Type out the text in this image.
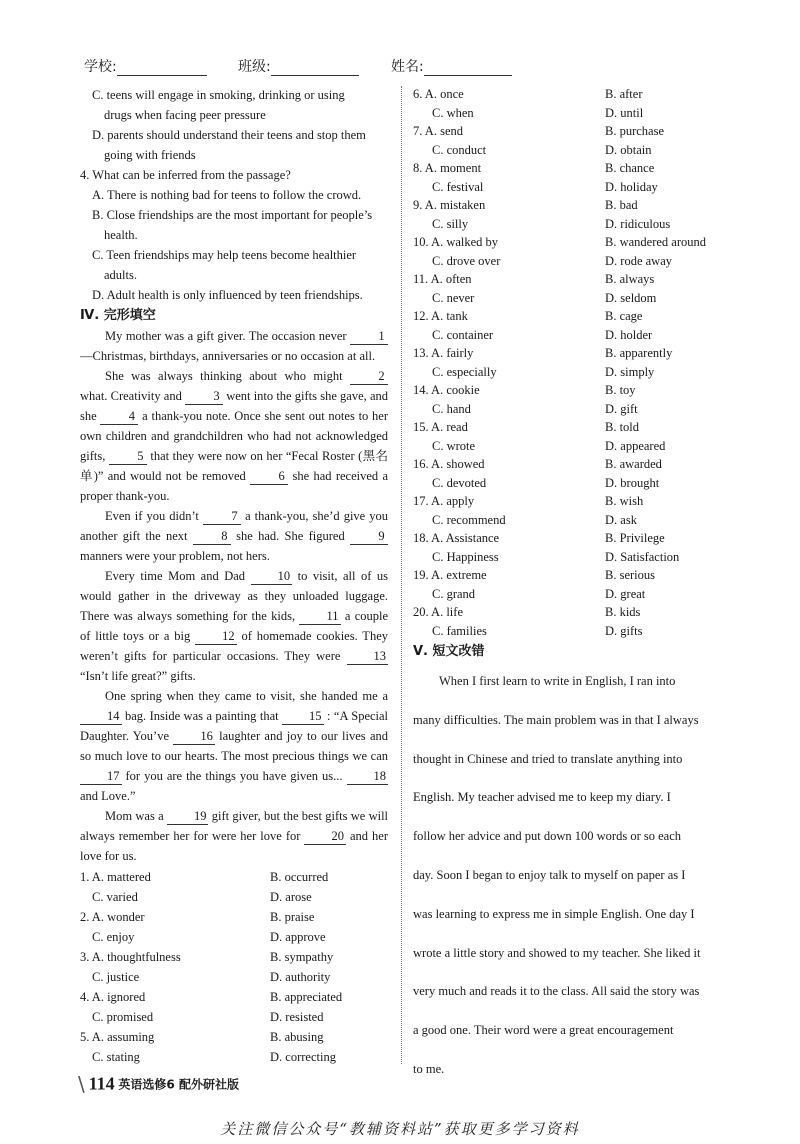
学校:	班级:	姓名:
C. teens will engage in smoking, drinking or using
drugs when facing peer pressure
D. parents should understand their teens and stop them
going with friends
4. What can be inferred from the passage?
A. There is nothing bad for teens to follow the crowd.
B. Close friendships are the most important for people’s
health.
C. Teen friendships may help teens become healthier
adults.
D. Adult health is only influenced by teen friendships.
Ⅳ. 完形填空

My mother was a gift giver. The occasion never	1—Christmas, birthdays, anniversaries or no occasion at all.

She was always thinking about who might	2 what. Creativity and	3 went into the gifts she gave, and she	4 a thank-you note. Once she sent out notes to her own children and grandchildren who had not acknowledged gifts,	5 that they were now on her “Fecal Roster (黑名单)” and would not be removed	6 she had received a proper thank-you.

Even if you didn’t	7 a thank-you, she’d give you another gift the next	8 she had. She figured	9 manners were your problem, not hers.

Every time Mom and Dad	10 to visit, all of us would gather in the driveway as they unloaded luggage. There was always something for the kids,	11 a couple of little toys or a big	12 of homemade cookies. They weren’t gifts for particular occasions. They were	13 “Isn’t life great?” gifts.

One spring when they came to visit, she handed me a 14 bag. Inside was a painting that 15 : “A Special Daughter. You’ve	16 laughter and joy to our lives and so much love to our hearts. The most precious things we can 17 for you are the things you have given us... 18 and Love.”

Mom was a 19 gift giver, but the best gifts we will always remember her for were her love for 20 and her love for us.

1. A. mattered	B. occurred
C. varied	D. arose
2. A. wonder	B. praise
C. enjoy	D. approve
3. A. thoughtfulness	B. sympathy
C. justice	D. authority
4. A. ignored	B. appreciated
C. promised	D. resisted
5. A. assuming	B. abusing
C. stating	D. correcting
6. A. once	B. after
C. when	D. until
7. A. send	B. purchase
C. conduct	D. obtain
8. A. moment	B. chance
C. festival	D. holiday
9. A. mistaken	B. bad
C. silly	D. ridiculous
10. A. walked by	B. wandered around
C. drove over	D. rode away
11. A. often	B. always
C. never	D. seldom
12. A. tank	B. cage
C. container	D. holder
13. A. fairly	B. apparently
C. especially	D. simply
14. A. cookie	B. toy
C. hand	D. gift
15. A. read	B. told
C. wrote	D. appeared
16. A. showed	B. awarded
C. devoted	D. brought
17. A. apply	B. wish
C. recommend	D. ask
18. A. Assistance	B. Privilege
C. Happiness	D. Satisfaction
19. A. extreme	B. serious
C. grand	D. great
20. A. life	B. kids
C. families	D. gifts
Ⅴ. 短文改错
When I first learn to write in English, I ran into
many difficulties. The main problem was in that I always
thought in Chinese and tried to translate anything into
English. My teacher advised me to keep my diary. I
follow her advice and put down 100 words or so each
day. Soon I began to enjoy talk to myself on paper as I
was learning to express me in simple English. One day I
wrote a little story and showed to my teacher. She liked it
very much and reads it to the class. All said the story was
a good one. Their word were a great encouragement
to me.
\ 114 英语选修6 配外研社版
关注微信公众号“教辅资料站”获取更多学习资料
